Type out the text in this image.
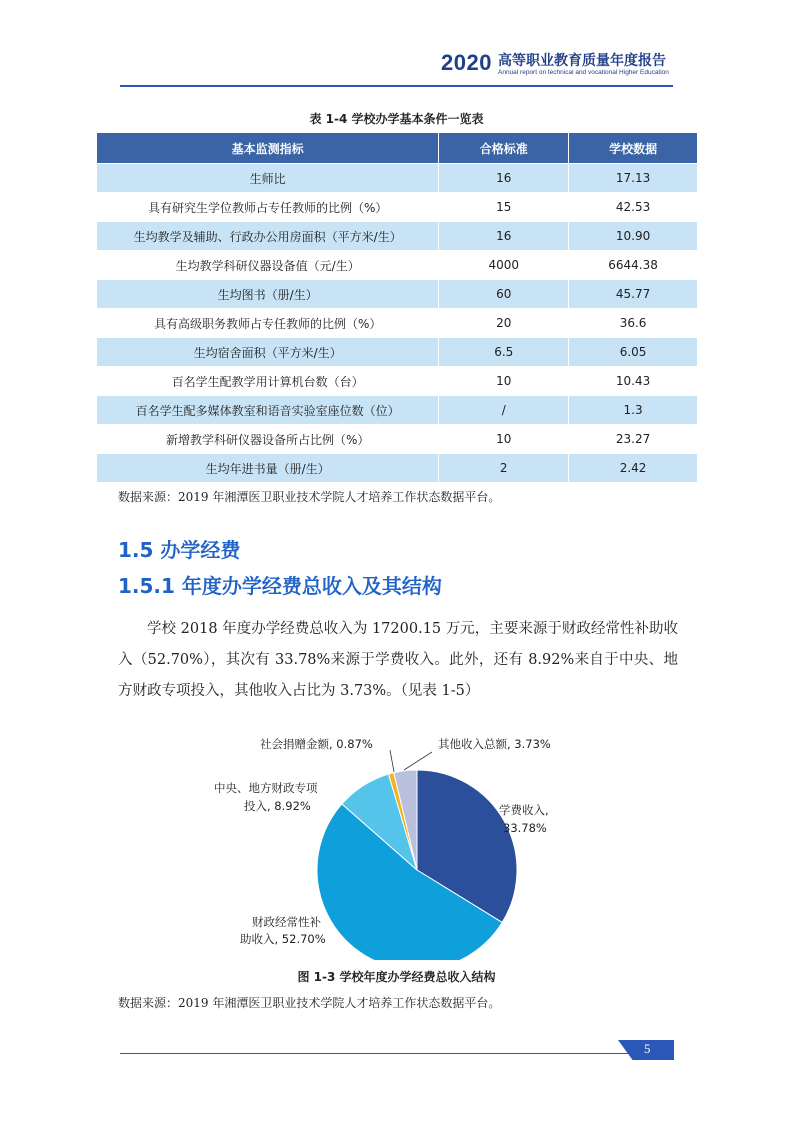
2020 高等职业教育质量年度报告
Annual report on technical and vocational Higher Education
表 1-4 学校办学基本条件一览表
基本监测指标	合格标准	学校数据
生师比	16	17.13
具有研究生学位教师占专任教师的比例（%）	15	42.53
生均教学及辅助、行政办公用房面积（平方米/生）	16	10.90
生均教学科研仪器设备值（元/生）	4000	6644.38
生均图书（册/生）	60	45.77
具有高级职务教师占专任教师的比例（%）	20	36.6
生均宿舍面积（平方米/生）	6.5	6.05
百名学生配教学用计算机台数（台）	10	10.43
百名学生配多媒体教室和语音实验室座位数（位）	/	1.3
新增教学科研仪器设备所占比例（%）	10	23.27
生均年进书量（册/生）	2	2.42
数据来源：2019 年湘潭医卫职业技术学院人才培养工作状态数据平台。
1.5 办学经费
1.5.1 年度办学经费总收入及其结构
学校 2018 年度办学经费总收入为 17200.15 万元，主要来源于财政经常性补助收入（52.70%），其次有 33.78%来源于学费收入。此外，还有 8.92%来自于中央、地方财政专项投入，其他收入占比为 3.73%。（见表 1-5）
学费收入,
33.78%
财政经常性补
助收入, 52.70%
中央、地方财政专项
投入, 8.92%
社会捐赠金额, 0.87%	其他收入总额, 3.73%
图 1-3 学校年度办学经费总收入结构
数据来源：2019 年湘潭医卫职业技术学院人才培养工作状态数据平台。
5
